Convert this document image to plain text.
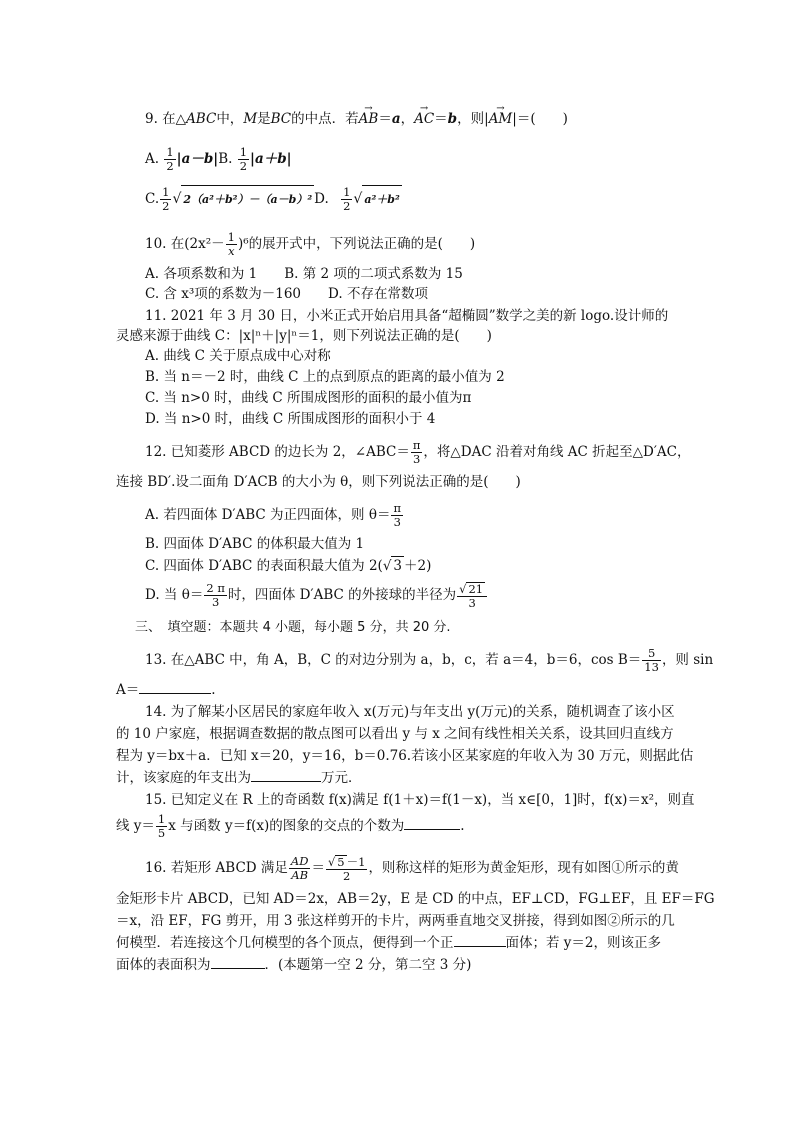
9. 在△ABC中，M是BC的中点．若→ AB＝a，→ AC＝b，则|→ AM|＝(　　)
A. $\frac{1}{2} |a-b|B$. $\frac{1}{2} |a+b|$
C. $\frac{1}{2}$ √ 2（a²＋b²）－（a－b）² D. $\frac{1}{2}$ √ a²＋b²
10. 在$(2x^2- \frac{1}{x} )^6$的展开式中，下列说法正确的是(　　)
A. 各项系数和为 1　　B. 第 2 项的二项式系数为 15
C. 含 x³项的系数为－160　　D. 不存在常数项
11. 2021 年 3 月 30 日，小米正式开始启用具备“超椭圆”数学之美的新 logo.设计师的
灵感来源于曲线 C：|x|ⁿ＋|y|ⁿ＝1，则下列说法正确的是(　　)
A. 曲线 C 关于原点成中心对称
B. 当 n＝－2 时，曲线 C 上的点到原点的距离的最小值为 2
C. 当 n>0 时，曲线 C 所围成图形的面积的最小值为π
D. 当 n>0 时，曲线 C 所围成图形的面积小于 4
12. 已知菱形 ABCD 的边长为 2，∠ABC＝ $\frac{\pi}{3}$ ，将△DAC 沿着对角线 AC 折起至△D′AC，
连接 BD′.设二面角 D′ACB 的大小为 θ，则下列说法正确的是(　　)
A. 若四面体 D′ABC 为正四面体，则 $\theta= \frac{\pi}{3}$
B. 四面体 D′ABC 的体积最大值为 1
C. 四面体 D′ABC 的表面积最大值为 2(√ 3 ＋2)
D. 当 $\theta= \frac{2 \pi}{3}$ 时，四面体 D′ABC 的外接球的半径为 $\frac{√ 21}{3}$
三、　填空题：本题共 4 小题，每小题 5 分，共 20 分.
13. 在△ABC 中，角 A，B，C 的对边分别为 a，b，c，若 a＝4，b＝6，$\cos B= \frac{5}{13}$ ，则 sin
A＝	.
14. 为了解某小区居民的家庭年收入 x(万元)与年支出 y(万元)的关系，随机调查了该小区
的 10 户家庭，根据调查数据的散点图可以看出 y 与 x 之间有线性相关关系，设其回归直线方
程为 y＝bx＋a．已知 x＝20，y＝16，b＝0.76.若该小区某家庭的年收入为 30 万元，则据此估
计，该家庭的年支出为	万元．
15. 已知定义在 R 上的奇函数 f(x)满足 f(1＋x)＝f(1－x)，当 x∈[0，1]时，f(x)＝x²，则直
线 $y= \frac{1}{5}$ x 与函数 y＝f(x)的图象的交点的个数为	.
16. 若矩形 ABCD 满足 $\frac{AD}{AB} = \frac{√ 5 -1}{2}$ ，则称这样的矩形为黄金矩形，现有如图①所示的黄
金矩形卡片 ABCD，已知 AD＝2x，AB＝2y，E 是 CD 的中点，EF⊥CD，FG⊥EF，且 EF＝FG
＝x，沿 EF，FG 剪开，用 3 张这样剪开的卡片，两两垂直地交叉拼接，得到如图②所示的几
何模型．若连接这个几何模型的各个顶点，便得到一个正	面体；若 y＝2，则该正多
面体的表面积为	．(本题第一空 2 分，第二空 3 分)
